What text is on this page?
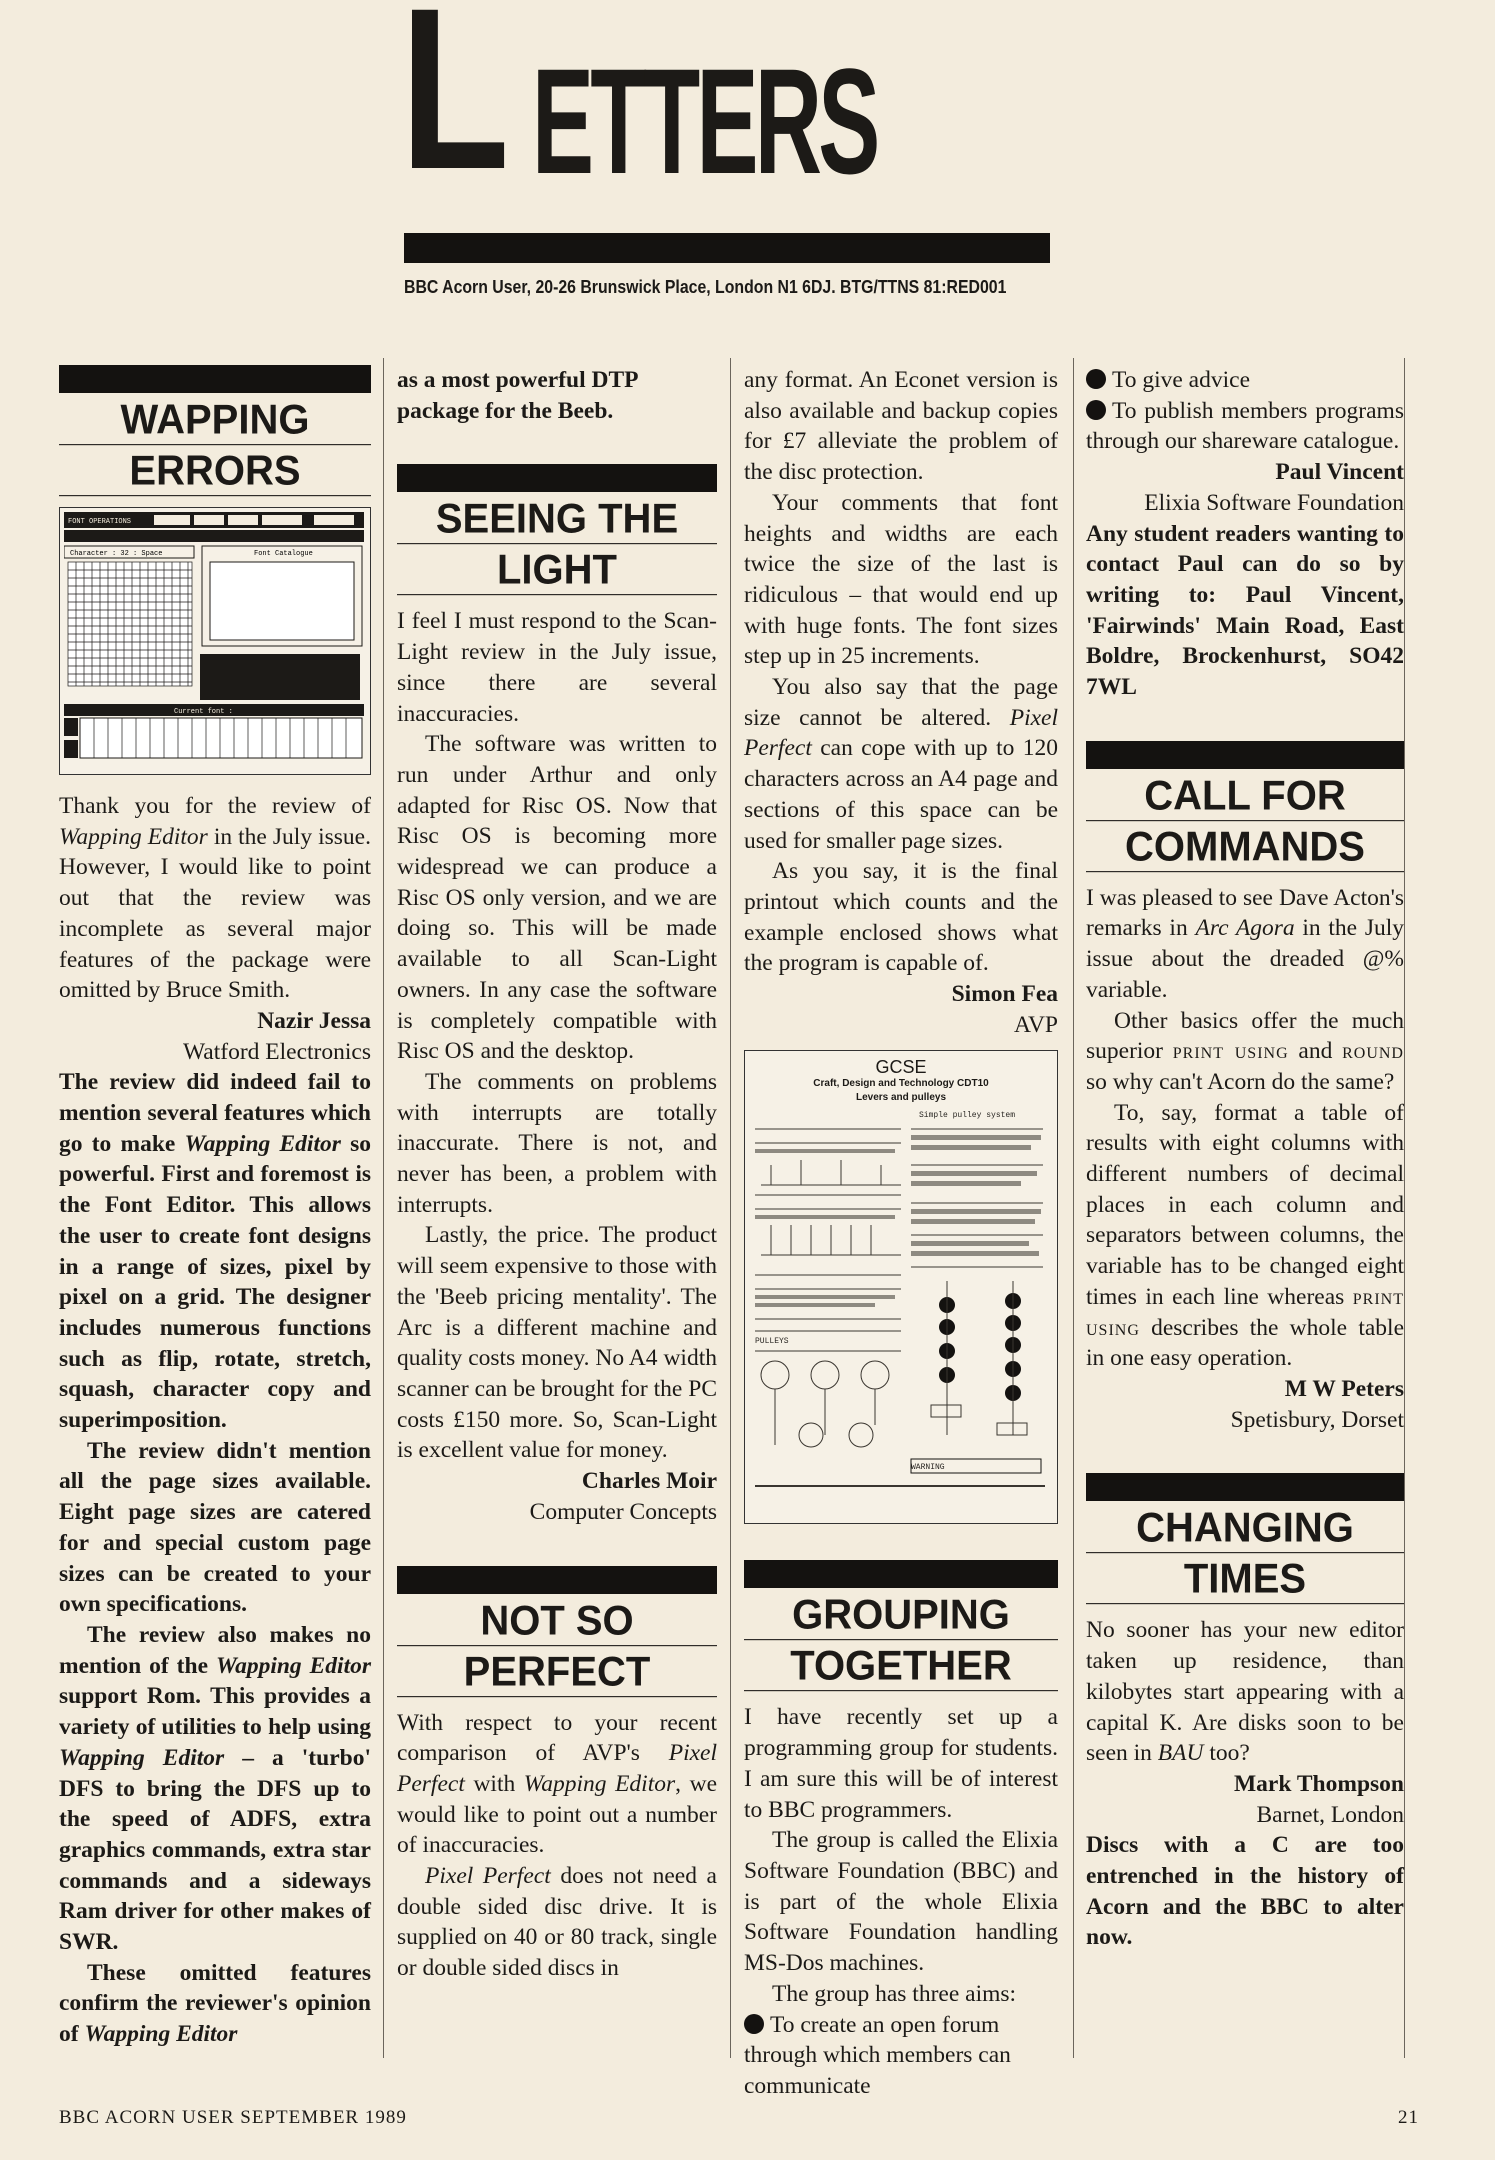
L ETTERS
BBC Acorn User, 20-26 Brunswick Place, London N1 6DJ. BTG/TTNS 81:RED001
WAPPING
ERRORS
FONT OPERATIONS
Character : 32 : Space	Font Catalogue
Current font :

Thank you for the review of Wapping Editor in the July issue. However, I would like to point out that the review was incomplete as several major features of the package were omitted by Bruce Smith.

Nazir Jessa
Watford Electronics

The review did indeed fail to mention several features which go to make Wapping Editor so powerful. First and foremost is the Font Editor. This allows the user to create font designs in a range of sizes, pixel by pixel on a grid. The designer includes numerous functions such as flip, rotate, stretch, squash, character copy and superimposition.

The review didn't mention all the page sizes available. Eight page sizes are catered for and special custom page sizes can be created to your own specifications.

The review also makes no mention of the Wapping Editor support Rom. This provides a variety of utilities to help using Wapping Editor – a 'turbo' DFS to bring the DFS up to the speed of ADFS, extra graphics commands, extra star commands and a sideways Ram driver for other makes of SWR.

These omitted features confirm the reviewer's opinion of Wapping Editor

as a most powerful DTP package for the Beeb.

SEEING THE
LIGHT

I feel I must respond to the Scan-Light review in the July issue, since there are several inaccuracies.

The software was written to run under Arthur and only adapted for Risc OS. Now that Risc OS is becoming more widespread we can produce a Risc OS only version, and we are doing so. This will be made available to all Scan-Light owners. In any case the software is completely compatible with Risc OS and the desktop.

The comments on problems with interrupts are totally inaccurate. There is not, and never has been, a problem with interrupts.

Lastly, the price. The product will seem expensive to those with the 'Beeb pricing mentality'. The Arc is a different machine and quality costs money. No A4 width scanner can be brought for the PC costs £150 more. So, Scan-Light is excellent value for money.

Charles Moir
Computer Concepts
NOT SO
PERFECT

With respect to your recent comparison of AVP's Pixel Perfect with Wapping Editor, we would like to point out a number of inaccuracies.

Pixel Perfect does not need a double sided disc drive. It is supplied on 40 or 80 track, single or double sided discs in

any format. An Econet version is also available and backup copies for £7 alleviate the problem of the disc protection.

Your comments that font heights and widths are each twice the size of the last is ridiculous – that would end up with huge fonts. The font sizes step up in 25 increments.

You also say that the page size cannot be altered. Pixel Perfect can cope with up to 120 characters across an A4 page and sections of this space can be used for smaller page sizes.

As you say, it is the final printout which counts and the example enclosed shows what the program is capable of.

Simon Fea
AVP
GCSE
Craft, Design and Technology CDT10
Levers and pulleys
Simple pulley system
PULLEYS
WARNING
GROUPING
TOGETHER

I have recently set up a programming group for students. I am sure this will be of interest to BBC programmers.

The group is called the Elixia Software Foundation (BBC) and is part of the whole Elixia Software Foundation handling MS-Dos machines.

The group has three aims:

To create an open forum through which members can communicate

To give advice

To publish members programs through our shareware catalogue.

Paul Vincent
Elixia Software Foundation

Any student readers wanting to contact Paul can do so by writing to: Paul Vincent, 'Fairwinds' Main Road, East Boldre, Brockenhurst, SO42 7WL

CALL FOR
COMMANDS

I was pleased to see Dave Acton's remarks in Arc Agora in the July issue about the dreaded @% variable.

Other basics offer the much superior print using and round so why can't Acorn do the same?

To, say, format a table of results with eight columns with different numbers of decimal places in each column and separators between columns, the variable has to be changed eight times in each line whereas print using describes the whole table in one easy operation.

M W Peters
Spetisbury, Dorset
CHANGING
TIMES

No sooner has your new editor taken up residence, than kilobytes start appearing with a capital K. Are disks soon to be seen in BAU too?

Mark Thompson
Barnet, London

Discs with a C are too entrenched in the history of Acorn and the BBC to alter now.

BBC ACORN USER SEPTEMBER 1989	21
